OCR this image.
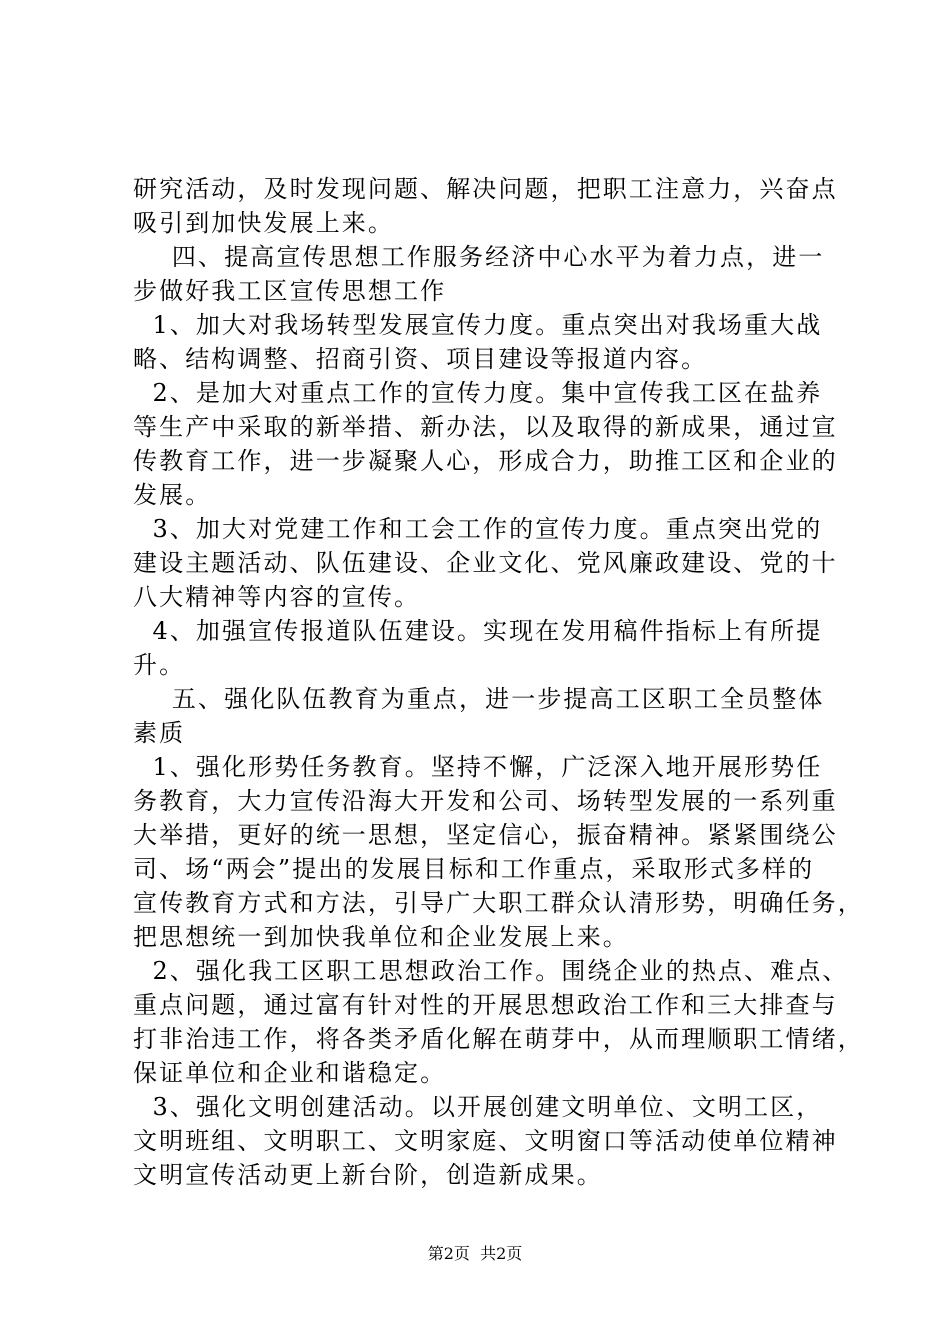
研究活动，及时发现问题、解决问题，把职工注意力，兴奋点
吸引到加快发展上来。
四、提高宣传思想工作服务经济中心水平为着力点，进一
步做好我工区宣传思想工作
1、加大对我场转型发展宣传力度。重点突出对我场重大战
略、结构调整、招商引资、项目建设等报道内容。
2、是加大对重点工作的宣传力度。集中宣传我工区在盐养
等生产中采取的新举措、新办法，以及取得的新成果，通过宣
传教育工作，进一步凝聚人心，形成合力，助推工区和企业的
发展。
3、加大对党建工作和工会工作的宣传力度。重点突出党的
建设主题活动、队伍建设、企业文化、党风廉政建设、党的十
八大精神等内容的宣传。
4、加强宣传报道队伍建设。实现在发用稿件指标上有所提
升。
五、强化队伍教育为重点，进一步提高工区职工全员整体
素质
1、强化形势任务教育。坚持不懈，广泛深入地开展形势任
务教育，大力宣传沿海大开发和公司、场转型发展的一系列重
大举措，更好的统一思想，坚定信心，振奋精神。紧紧围绕公
司、场“两会”提出的发展目标和工作重点，采取形式多样的
宣传教育方式和方法，引导广大职工群众认清形势，明确任务，
把思想统一到加快我单位和企业发展上来。
2、强化我工区职工思想政治工作。围绕企业的热点、难点、
重点问题，通过富有针对性的开展思想政治工作和三大排查与
打非治违工作，将各类矛盾化解在萌芽中，从而理顺职工情绪，
保证单位和企业和谐稳定。
3、强化文明创建活动。以开展创建文明单位、文明工区，
文明班组、文明职工、文明家庭、文明窗口等活动使单位精神
文明宣传活动更上新台阶，创造新成果。
第2页  共2页
